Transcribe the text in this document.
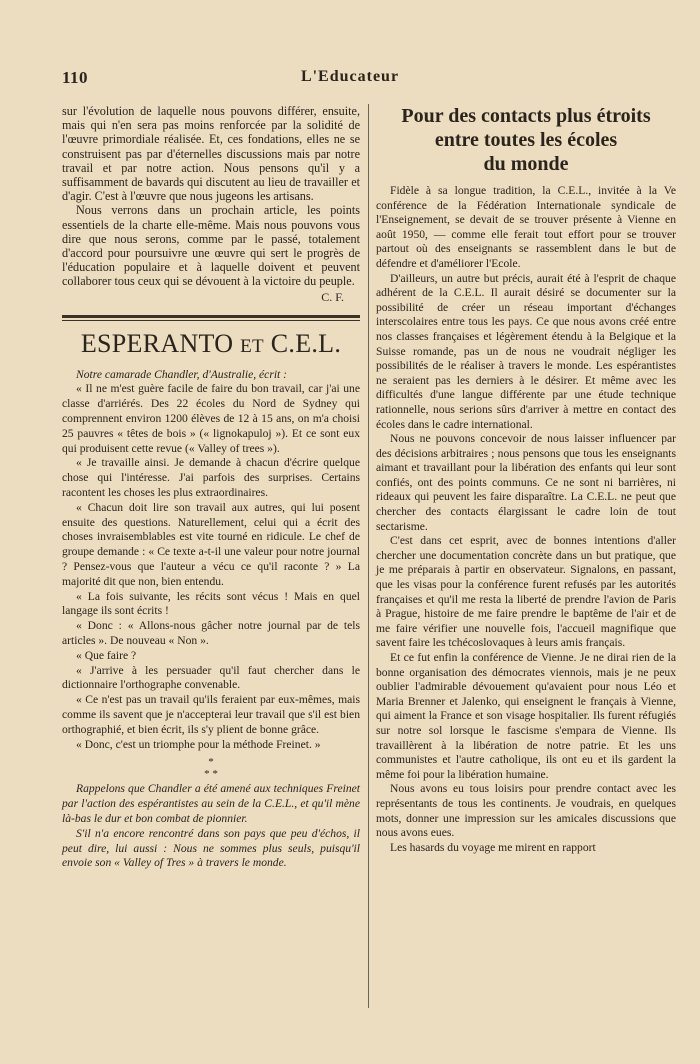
110	L'Educateur

sur l'évolution de laquelle nous pouvons différer, ensuite, mais qui n'en sera pas moins renforcée par la solidité de l'œuvre primordiale réalisée. Et, ces fondations, elles ne se construisent pas par d'éternelles discussions mais par notre travail et par notre action. Nous pensons qu'il y a suffisamment de bavards qui discutent au lieu de travailler et d'agir. C'est à l'œuvre que nous jugeons les artisans.

Nous verrons dans un prochain article, les points essentiels de la charte elle-même. Mais nous pouvons vous dire que nous serons, comme par le passé, totalement d'accord pour poursuivre une œuvre qui sert le progrès de l'éducation populaire et à laquelle doivent et peuvent collaborer tous ceux qui se dévouent à la victoire du peuple.

C. F.

ESPERANTO ET C.E.L.

Notre camarade Chandler, d'Australie, écrit :

« Il ne m'est guère facile de faire du bon travail, car j'ai une classe d'arriérés. Des 22 écoles du Nord de Sydney qui comprennent environ 1200 élèves de 12 à 15 ans, on m'a choisi 25 pauvres « têtes de bois » (« lignokapuloj »). Et ce sont eux qui produisent cette revue (« Valley of trees »).

« Je travaille ainsi. Je demande à chacun d'écrire quelque chose qui l'intéresse. J'ai parfois des surprises. Certains racontent les choses les plus extraordinaires.

« Chacun doit lire son travail aux autres, qui lui posent ensuite des questions. Naturellement, celui qui a écrit des choses invraisemblables est vite tourné en ridicule. Le chef de groupe demande : « Ce texte a-t-il une valeur pour notre journal ? Pensez-vous que l'auteur a vécu ce qu'il raconte ? » La majorité dit que non, bien entendu.

« La fois suivante, les récits sont vécus ! Mais en quel langage ils sont écrits !

« Donc : « Allons-nous gâcher notre journal par de tels articles ». De nouveau « Non ».

« Que faire ?

« J'arrive à les persuader qu'il faut chercher dans le dictionnaire l'orthographe convenable.

« Ce n'est pas un travail qu'ils feraient par eux-mêmes, mais comme ils savent que je n'accepterai leur travail que s'il est bien orthographié, et bien écrit, ils s'y plient de bonne grâce.

« Donc, c'est un triomphe pour la méthode Freinet. »

*
* *

Rappelons que Chandler a été amené aux techniques Freinet par l'action des espérantistes au sein de la C.E.L., et qu'il mène là-bas le dur et bon combat de pionnier.

S'il n'a encore rencontré dans son pays que peu d'échos, il peut dire, lui aussi : Nous ne sommes plus seuls, puisqu'il envoie son « Valley of Tres » à travers le monde.

Pour des contacts plus étroits
entre toutes les écoles
du monde

Fidèle à sa longue tradition, la C.E.L., invitée à la Ve conférence de la Fédération Internationale syndicale de l'Enseignement, se devait de se trouver présente à Vienne en août 1950, — comme elle ferait tout effort pour se trouver partout où des enseignants se rassemblent dans le but de défendre et d'améliorer l'Ecole.

D'ailleurs, un autre but précis, aurait été à l'esprit de chaque adhérent de la C.E.L. Il aurait désiré se documenter sur la possibilité de créer un réseau important d'échanges interscolaires entre tous les pays. Ce que nous avons créé entre nos classes françaises et légèrement étendu à la Belgique et la Suisse romande, pas un de nous ne voudrait négliger les possibilités de le réaliser à travers le monde. Les espérantistes ne seraient pas les derniers à le désirer. Et même avec les difficultés d'une langue différente par une étude technique rationnelle, nous serions sûrs d'arriver à mettre en contact des écoles dans le cadre international.

Nous ne pouvons concevoir de nous laisser influencer par des décisions arbitraires ; nous pensons que tous les enseignants aimant et travaillant pour la libération des enfants qui leur sont confiés, ont des points communs. Ce ne sont ni barrières, ni rideaux qui peuvent les faire disparaître. La C.E.L. ne peut que chercher des contacts élargissant le cadre loin de tout sectarisme.

C'est dans cet esprit, avec de bonnes intentions d'aller chercher une documentation concrète dans un but pratique, que je me préparais à partir en observateur. Signalons, en passant, que les visas pour la conférence furent refusés par les autorités françaises et qu'il me resta la liberté de prendre l'avion de Paris à Prague, histoire de me faire prendre le baptême de l'air et de me faire vérifier une nouvelle fois, l'accueil magnifique que savent faire les tchécoslovaques à leurs amis français.

Et ce fut enfin la conférence de Vienne. Je ne dirai rien de la bonne organisation des démocrates viennois, mais je ne peux oublier l'admirable dévouement qu'avaient pour nous Léo et Maria Brenner et Jalenko, qui enseignent le français à Vienne, qui aiment la France et son visage hospitalier. Ils furent réfugiés sur notre sol lorsque le fascisme s'empara de Vienne. Ils travaillèrent à la libération de notre patrie. Et les uns communistes et l'autre catholique, ils ont eu et ils gardent la même foi pour la libération humaine.

Nous avons eu tous loisirs pour prendre contact avec les représentants de tous les continents. Je voudrais, en quelques mots, donner une impression sur les amicales discussions que nous avons eues.

Les hasards du voyage me mirent en rapport
